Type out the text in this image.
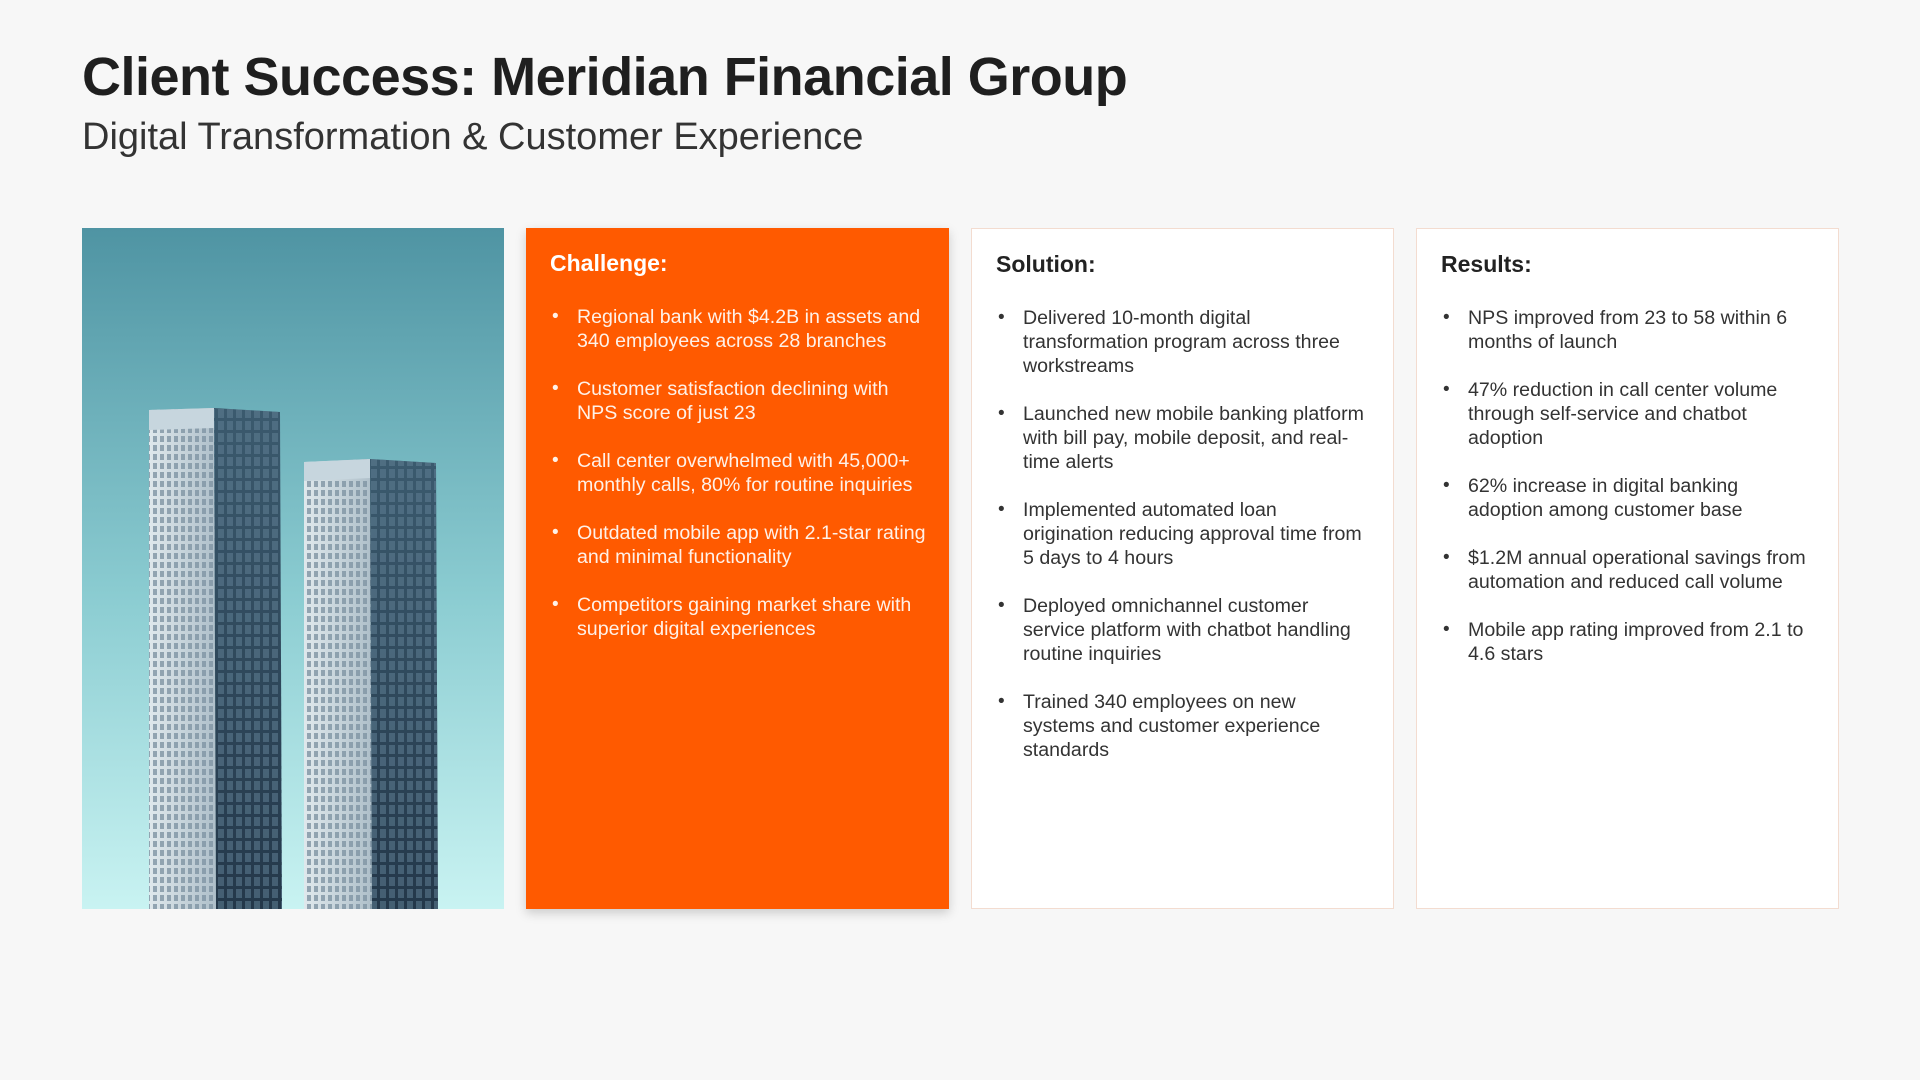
Client Success: Meridian Financial Group
Digital Transformation & Customer Experience
Challenge:
• Regional bank with $4.2B in assets and 340 employees across 28 branches
• Customer satisfaction declining with NPS score of just 23
• Call center overwhelmed with 45,000+ monthly calls, 80% for routine inquiries
• Outdated mobile app with 2.1-star rating and minimal functionality
• Competitors gaining market share with superior digital experiences
Solution:
• Delivered 10-month digital transformation program across three workstreams
• Launched new mobile banking platform with bill pay, mobile deposit, and real-time alerts
• Implemented automated loan origination reducing approval time from 5 days to 4 hours
• Deployed omnichannel customer service platform with chatbot handling routine inquiries
• Trained 340 employees on new systems and customer experience standards
Results:
• NPS improved from 23 to 58 within 6 months of launch
• 47% reduction in call center volume through self-service and chatbot adoption
• 62% increase in digital banking adoption among customer base
• $1.2M annual operational savings from automation and reduced call volume
• Mobile app rating improved from 2.1 to 4.6 stars
